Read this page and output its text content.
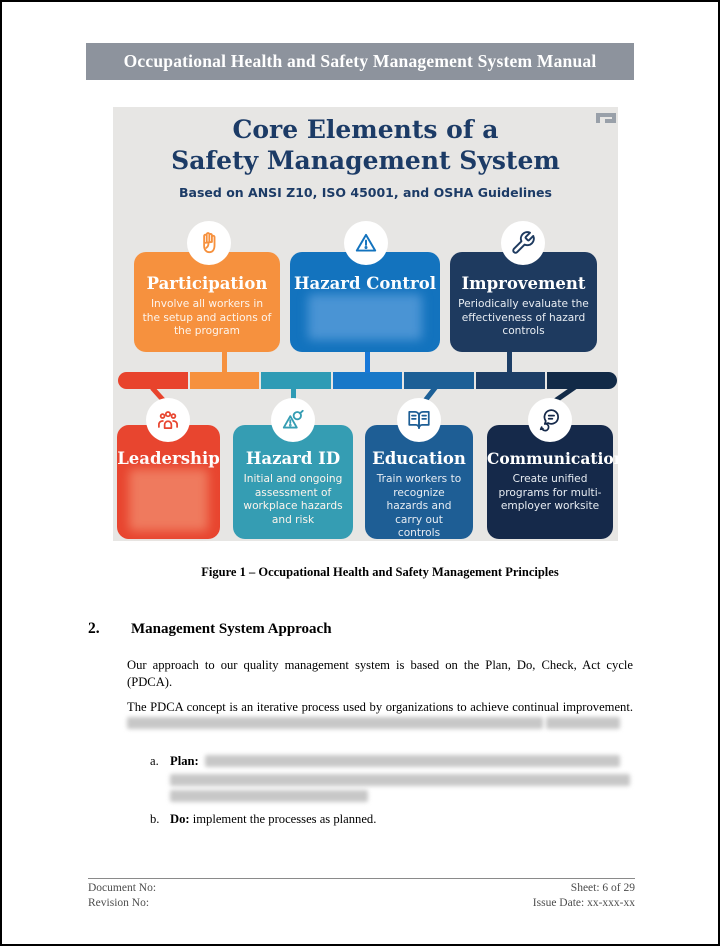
Occupational Health and Safety Management System Manual
Core Elements of a
Safety Management System
Based on ANSI Z10, ISO 45001, and OSHA Guidelines
Participation
Involve all workers in the setup and actions of the program
Hazard Control	Improvement
Periodically evaluate the effectiveness of hazard controls
Leadership	Hazard ID
Initial and ongoing assessment of workplace hazards and risk
Education
Train workers to recognize hazards and carry out controls
Communication
Create unified programs for multi-employer worksite
Figure 1 – Occupational Health and Safety Management Principles
2. Management System Approach
Our approach to our quality management system is based on the Plan, Do, Check, Act cycle (PDCA).
The PDCA concept is an iterative process used by organizations to achieve continual improvement.
a. Plan:
b. Do: implement the processes as planned.
Document No:
Revision No:
Sheet: 6 of 29
Issue Date: xx-xxx-xx
